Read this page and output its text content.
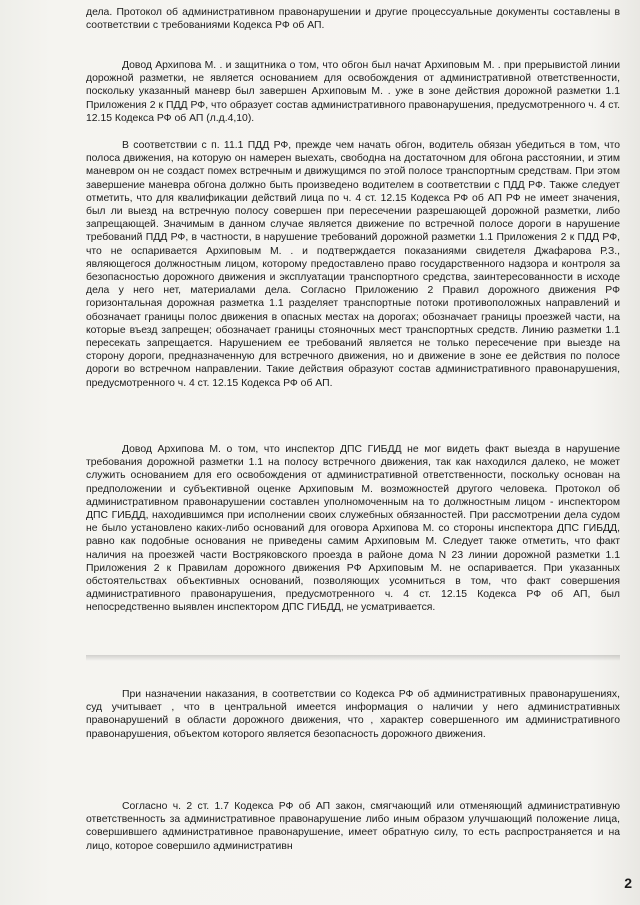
дела. Протокол об административном правонарушении и другие процессуальные документы составлены в соответствии с требованиями Кодекса РФ об АП.

Довод Архипова М. . и защитника о том, что обгон был начат Архиповым М. . при прерывистой линии дорожной разметки, не является основанием для освобождения от административной ответственности, поскольку указанный маневр был завершен Архиповым М. . уже в зоне действия дорожной разметки 1.1 Приложения 2 к ПДД РФ, что образует состав административного правонарушения, предусмотренного ч. 4 ст. 12.15 Кодекса РФ об АП (л.д.4,10).

В соответствии с п. 11.1 ПДД РФ, прежде чем начать обгон, водитель обязан убедиться в том, что полоса движения, на которую он намерен выехать, свободна на достаточном для обгона расстоянии, и этим маневром он не создаст помех встречным и движущимся по этой полосе транспортным средствам. При этом завершение маневра обгона должно быть произведено водителем в соответствии с ПДД РФ. Также следует отметить, что для квалификации действий лица по ч. 4 ст. 12.15 Кодекса РФ об АП РФ не имеет значения, был ли выезд на встречную полосу совершен при пересечении разрешающей дорожной разметки, либо запрещающей. Значимым в данном случае является движение по встречной полосе дороги в нарушение требований ПДД РФ, в частности, в нарушение требований дорожной разметки 1.1 Приложения 2 к ПДД РФ, что не оспаривается Архиповым М. . и подтверждается показаниями свидетеля Джафарова Р.З., являющегося должностным лицом, которому предоставлено право государственного надзора и контроля за безопасностью дорожного движения и эксплуатации транспортного средства, заинтересованности в исходе дела у него нет, материалами дела. Согласно Приложению 2 Правил дорожного движения РФ горизонтальная дорожная разметка 1.1 разделяет транспортные потоки противоположных направлений и обозначает границы полос движения в опасных местах на дорогах; обозначает границы проезжей части, на которые въезд запрещен; обозначает границы стояночных мест транспортных средств. Линию разметки 1.1 пересекать запрещается. Нарушением ее требований является не только пересечение при выезде на сторону дороги, предназначенную для встречного движения, но и движение в зоне ее действия по полосе дороги во встречном направлении. Такие действия образуют состав административного правонарушения, предусмотренного ч. 4 ст. 12.15 Кодекса РФ об АП.

Довод Архипова М. о том, что инспектор ДПС ГИБДД не мог видеть факт выезда в нарушение требования дорожной разметки 1.1 на полосу встречного движения, так как находился далеко, не может служить основанием для его освобождения от административной ответственности, поскольку основан на предположении и субъективной оценке Архиповым М. возможностей другого человека. Протокол об административном правонарушении составлен уполномоченным на то должностным лицом - инспектором ДПС ГИБДД, находившимся при исполнении своих служебных обязанностей. При рассмотрении дела судом не было установлено каких-либо оснований для оговора Архипова М. со стороны инспектора ДПС ГИБДД, равно как подобные основания не приведены самим Архиповым М. Следует также отметить, что факт наличия на проезжей части Востряковского проезда в районе дома N 23 линии дорожной разметки 1.1 Приложения 2 к Правилам дорожного движения РФ Архиповым М. не оспаривается. При указанных обстоятельствах объективных оснований, позволяющих усомниться в том, что факт совершения административного правонарушения, предусмотренного ч. 4 ст. 12.15 Кодекса РФ об АП, был непосредственно выявлен инспектором ДПС ГИБДД, не усматривается.

При назначении наказания, в соответствии со Кодекса РФ об административных правонарушениях, суд учитывает , что в центральной имеется информация о наличии у него административных правонарушений в области дорожного движения, что , характер совершенного им административного правонарушения, объектом которого является безопасность дорожного движения.

Согласно ч. 2 ст. 1.7 Кодекса РФ об АП закон, смягчающий или отменяющий административную ответственность за административное правонарушение либо иным образом улучшающий положение лица, совершившего административное правонарушение, имеет обратную силу, то есть распространяется и на лицо, которое совершило административн

2
